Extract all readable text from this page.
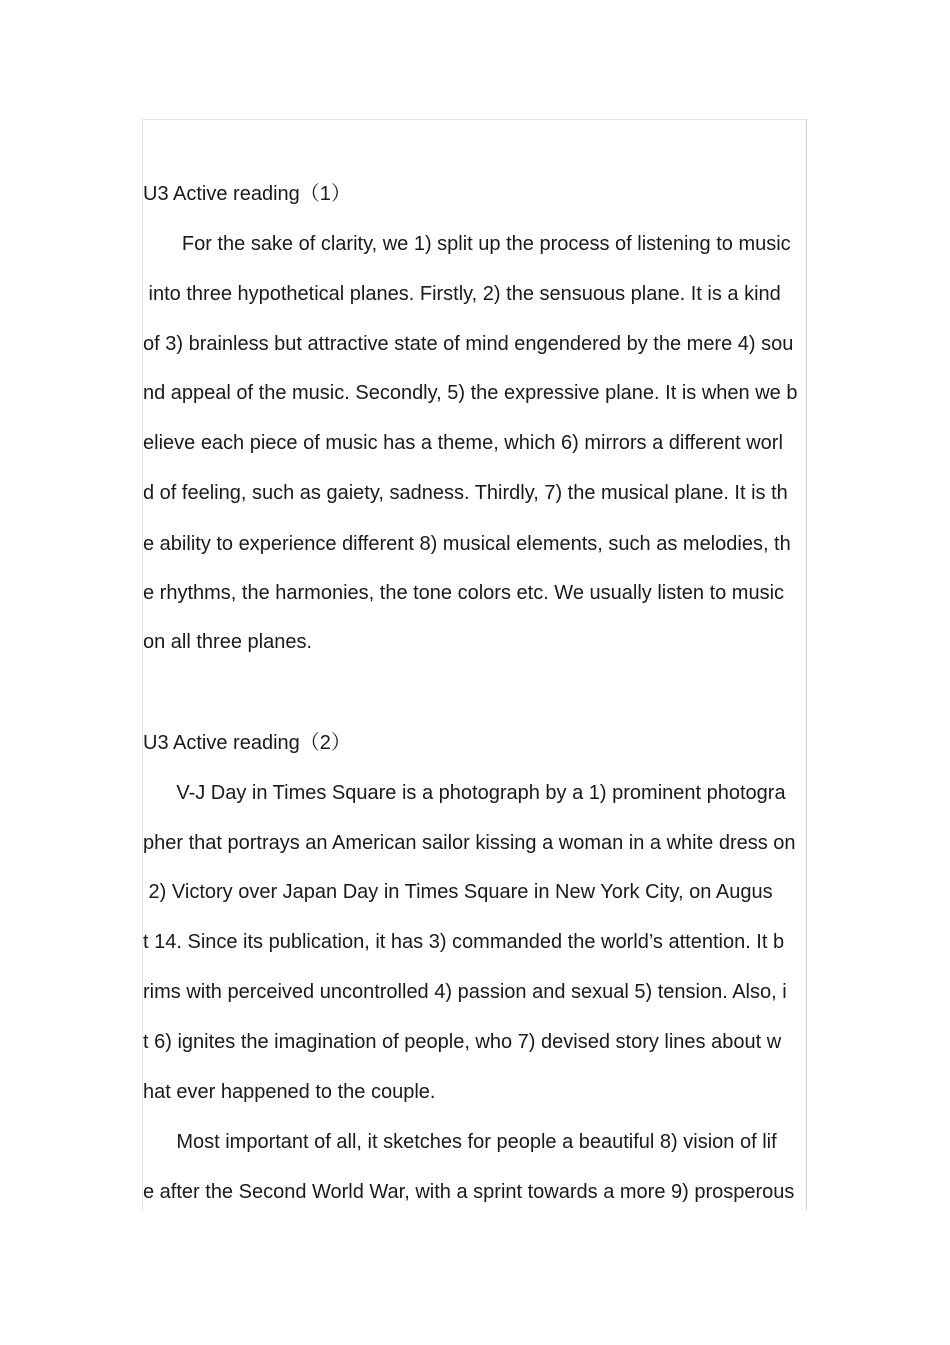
U3 Active reading（1）
For the sake of clarity, we 1) split up the process of listening to music
into three hypothetical planes. Firstly, 2) the sensuous plane. It is a kind
of 3) brainless but attractive state of mind engendered by the mere 4) sou
nd appeal of the music. Secondly, 5) the expressive plane. It is when we b
elieve each piece of music has a theme, which 6) mirrors a different worl
d of feeling, such as gaiety, sadness. Thirdly, 7) the musical plane. It is th
e ability to experience different 8) musical elements, such as melodies, th
e rhythms, the harmonies, the tone colors etc. We usually listen to music
on all three planes.
U3 Active reading（2）
V-J Day in Times Square is a photograph by a 1) prominent photogra
pher that portrays an American sailor kissing a woman in a white dress on
2) Victory over Japan Day in Times Square in New York City, on Augus
t 14. Since its publication, it has 3) commanded the world’s attention. It b
rims with perceived uncontrolled 4) passion and sexual 5) tension. Also, i
t 6) ignites the imagination of people, who 7) devised story lines about w
hat ever happened to the couple.
Most important of all, it sketches for people a beautiful 8) vision of lif
e after the Second World War, with a sprint towards a more 9) prosperous
